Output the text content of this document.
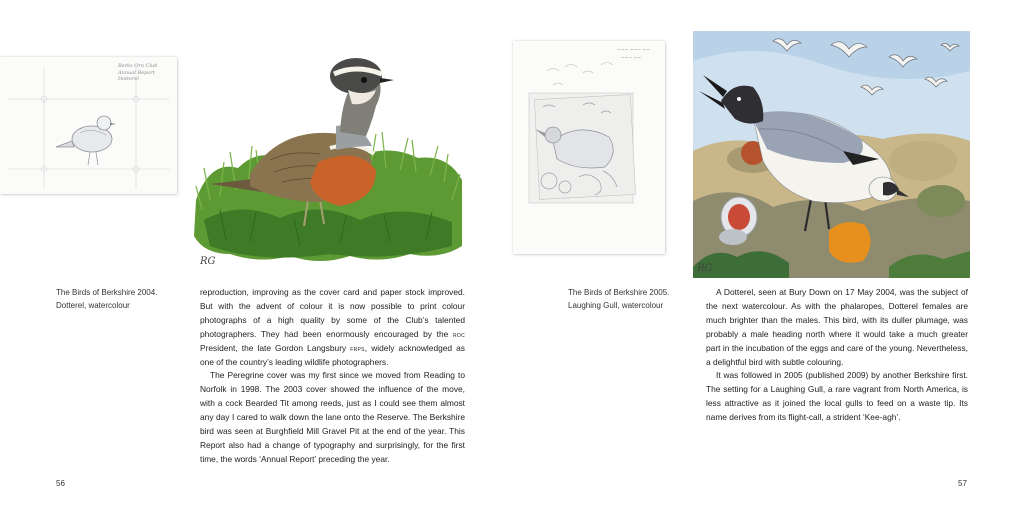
Berks Orn Club
Annual Report
Dotterel
RG
The Birds of Berkshire 2004.
Dotterel, watercolour

reproduction, improving as the cover card and paper stock improved. But with the advent of colour it is now possible to print colour photographs of a high quality by some of the Club’s talented photographers. They had been enormously encouraged by the roc President, the late Gordon Langsbury frps, widely acknowledged as one of the country’s leading wildlife photographers.

The Peregrine cover was my first since we moved from Reading to Norfolk in 1998. The 2003 cover showed the influence of the move, with a cock Bearded Tit among reeds, just as I could see them almost any day I cared to walk down the lane onto the Reserve. The Berkshire bird was seen at Burghfield Mill Gravel Pit at the end of the year. This Report also had a change of typography and surprisingly, for the first time, the words ‘Annual Report’ preceding the year.

56
~~~ ~~~ ~~
~~~ ~~
RG
The Birds of Berkshire 2005.
Laughing Gull, watercolour

A Dotterel, seen at Bury Down on 17 May 2004, was the subject of the next watercolour. As with the phalaropes, Dotterel females are much brighter than the males. This bird, with its duller plumage, was probably a male heading north where it would take a much greater part in the incubation of the eggs and care of the young. Nevertheless, a delightful bird with subtle colouring.

It was followed in 2005 (published 2009) by another Berkshire first. The setting for a Laughing Gull, a rare vagrant from North America, is less attractive as it joined the local gulls to feed on a waste tip. Its name derives from its flight-call, a strident ‘Kee-agh’.

57
